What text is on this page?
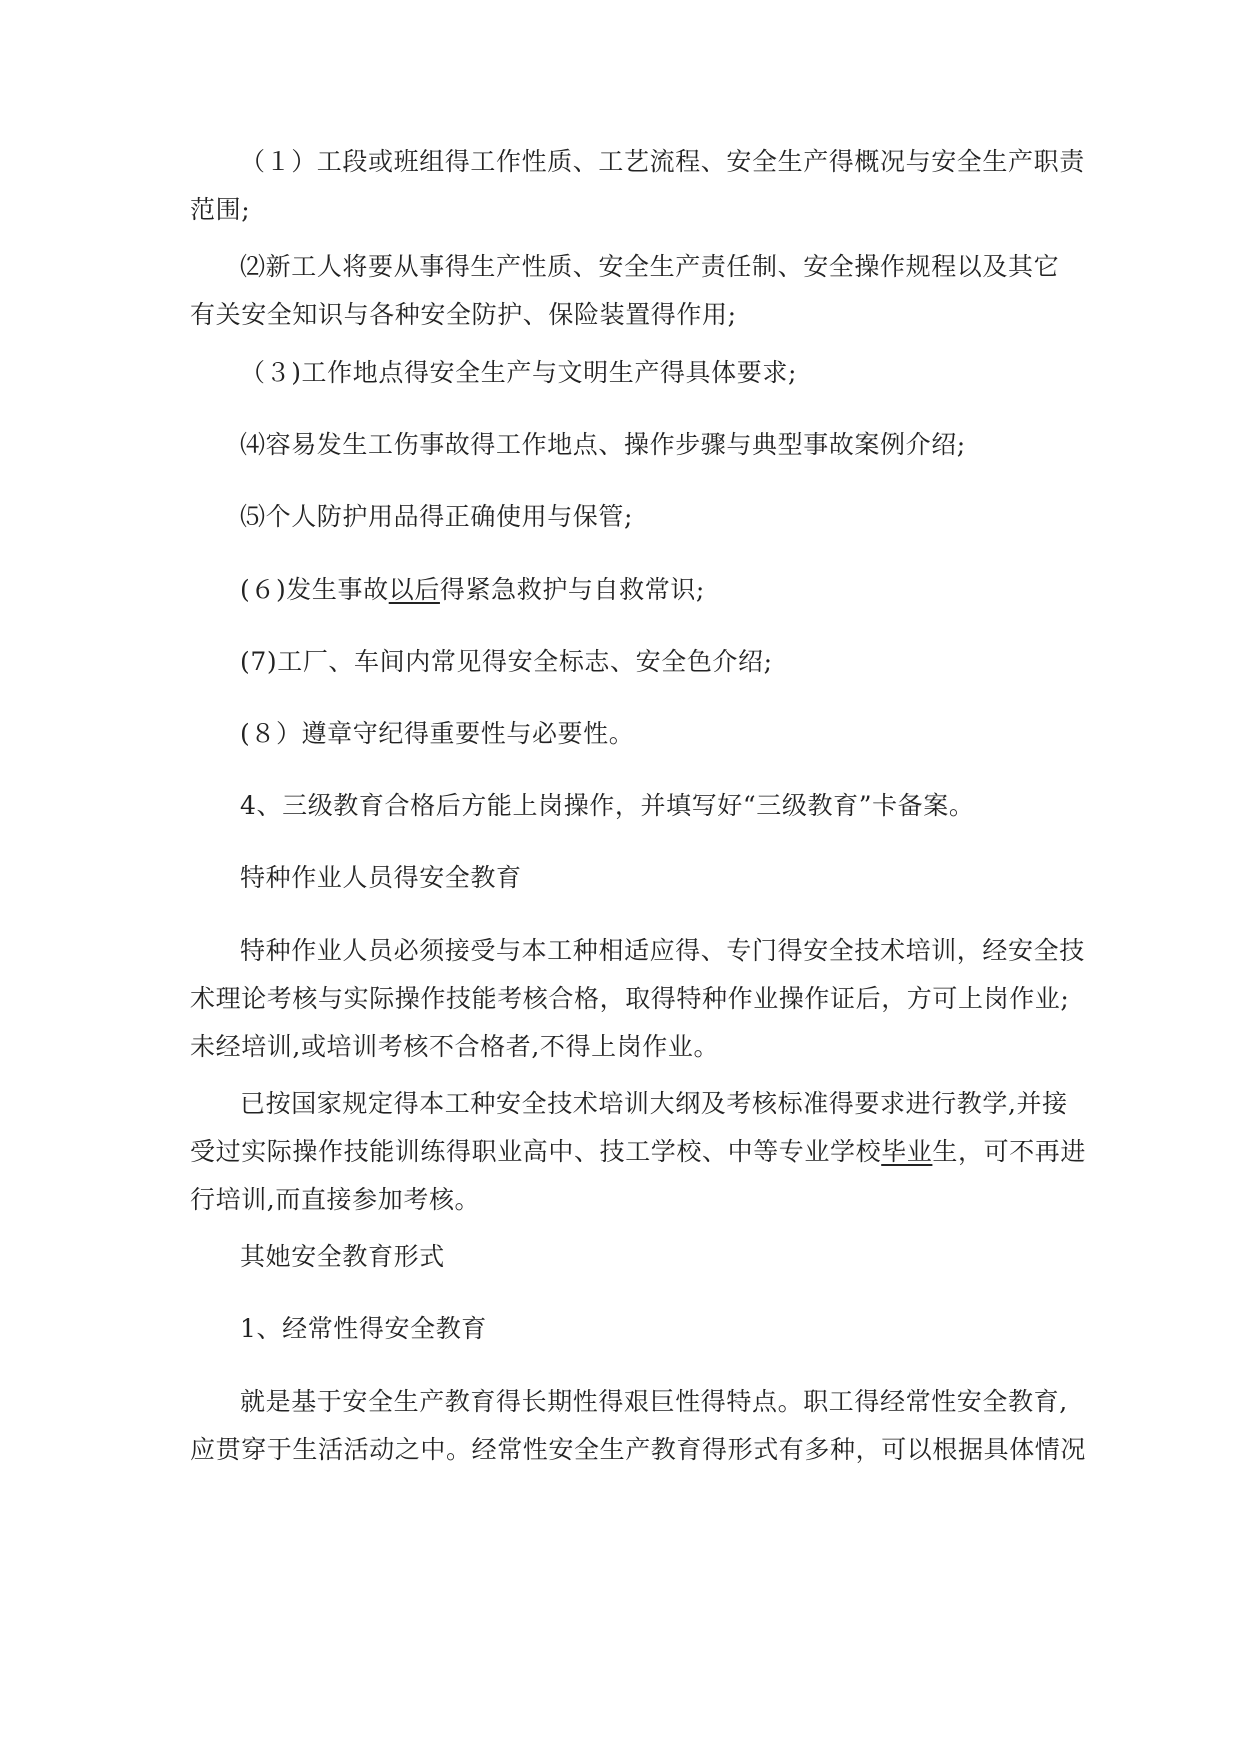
（１）工段或班组得工作性质、工艺流程、安全生产得概况与安全生产职责
范围;

⑵新工人将要从事得生产性质、安全生产责任制、安全操作规程以及其它
有关安全知识与各种安全防护、保险装置得作用;

（３)工作地点得安全生产与文明生产得具体要求;

⑷容易发生工伤事故得工作地点、操作步骤与典型事故案例介绍;

⑸个人防护用品得正确使用与保管;

(６)发生事故以后得紧急救护与自救常识;

(7)工厂、车间内常见得安全标志、安全色介绍;

(８）遵章守纪得重要性与必要性。

4、三级教育合格后方能上岗操作，并填写好“三级教育”卡备案。

特种作业人员得安全教育

特种作业人员必须接受与本工种相适应得、专门得安全技术培训，经安全技
术理论考核与实际操作技能考核合格，取得特种作业操作证后，方可上岗作业;
未经培训,或培训考核不合格者,不得上岗作业。

已按国家规定得本工种安全技术培训大纲及考核标准得要求进行教学,并接
受过实际操作技能训练得职业高中、技工学校、中等专业学校毕业生，可不再进
行培训,而直接参加考核。

其她安全教育形式

1、经常性得安全教育

就是基于安全生产教育得长期性得艰巨性得特点。职工得经常性安全教育,
应贯穿于生活活动之中。经常性安全生产教育得形式有多种，可以根据具体情况
